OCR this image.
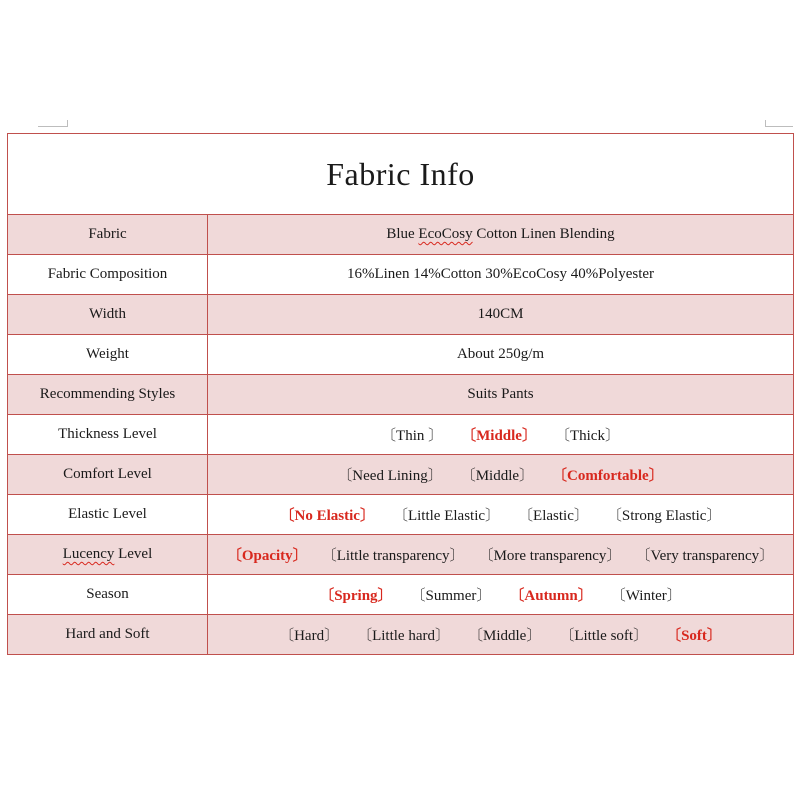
Fabric Info	
Fabric	Blue EcoCosy Cotton Linen Blending
Fabric Composition	16%Linen 14%Cotton 30%EcoCosy 40%Polyester
Width	140CM
Weight	About 250g/m
Recommending Styles	Suits Pants
Thickness Level	〔Thin 〕 〔Middle〕 〔Thick〕

Comfort Level	〔Need Lining〕 〔Middle〕 〔Comfortable〕

Elastic Level	〔No Elastic〕 〔Little Elastic〕 〔Elastic〕 〔Strong Elastic〕

Lucency Level	〔Opacity〕 〔Little transparency〕 〔More transparency〕 〔Very transparency〕

Season	〔Spring〕 〔Summer〕 〔Autumn〕 〔Winter〕

Hard and Soft	〔Hard〕 〔Little hard〕 〔Middle〕 〔Little soft〕 〔Soft〕
